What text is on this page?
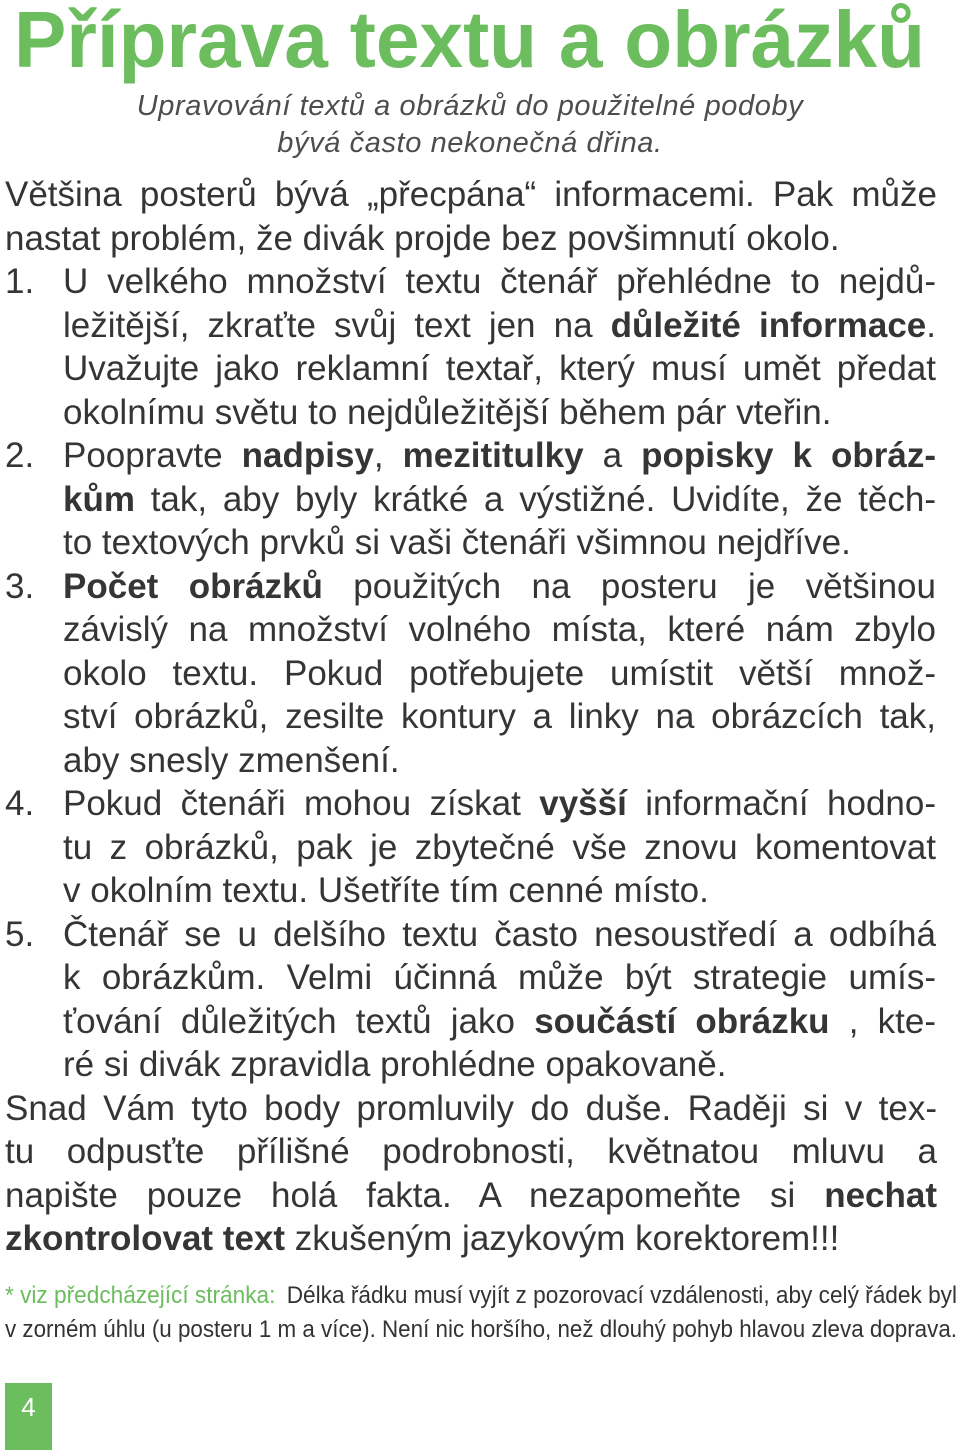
Příprava textu a obrázků
Upravování textů a obrázků do použitelné podoby
bývá často nekonečná dřina.
Většina posterů bývá „přecpána“ informacemi. Pak může
nastat problém, že divák projde bez povšimnutí okolo.
1. U velkého množství textu čtenář přehlédne to nejdů-
ležitější, zkraťte svůj text jen na důležité informace.
Uvažujte jako reklamní textař, který musí umět předat
okolnímu světu to nejdůležitější během pár vteřin.
2. Poopravte nadpisy, mezititulky a popisky k obráz-
kům tak, aby byly krátké a výstižné. Uvidíte, že těch-
to textových prvků si vaši čtenáři všimnou nejdříve.
3. Počet obrázků použitých na posteru je většinou
závislý na množství volného místa, které nám zbylo
okolo textu. Pokud potřebujete umístit větší množ-
ství obrázků, zesilte kontury a linky na obrázcích tak,
aby snesly zmenšení.
4. Pokud čtenáři mohou získat vyšší informační hodno-
tu z obrázků, pak je zbytečné vše znovu komentovat
v okolním textu. Ušetříte tím cenné místo.
5. Čtenář se u delšího textu často nesoustředí a odbíhá
k obrázkům. Velmi účinná může být strategie umís-
ťování důležitých textů jako součástí obrázku , kte-
ré si divák zpravidla prohlédne opakovaně.
Snad Vám tyto body promluvily do duše. Raději si v tex-
tu odpusťte přílišné podrobnosti, květnatou mluvu a
napište pouze holá fakta. A nezapomeňte si nechat
zkontrolovat text zkušeným jazykovým korektorem!!!
* viz předcházející stránka: Délka řádku musí vyjít z pozorovací vzdálenosti, aby celý řádek byl
v zorném úhlu (u posteru 1 m a více). Není nic horšího, než dlouhý pohyb hlavou zleva doprava.
4
